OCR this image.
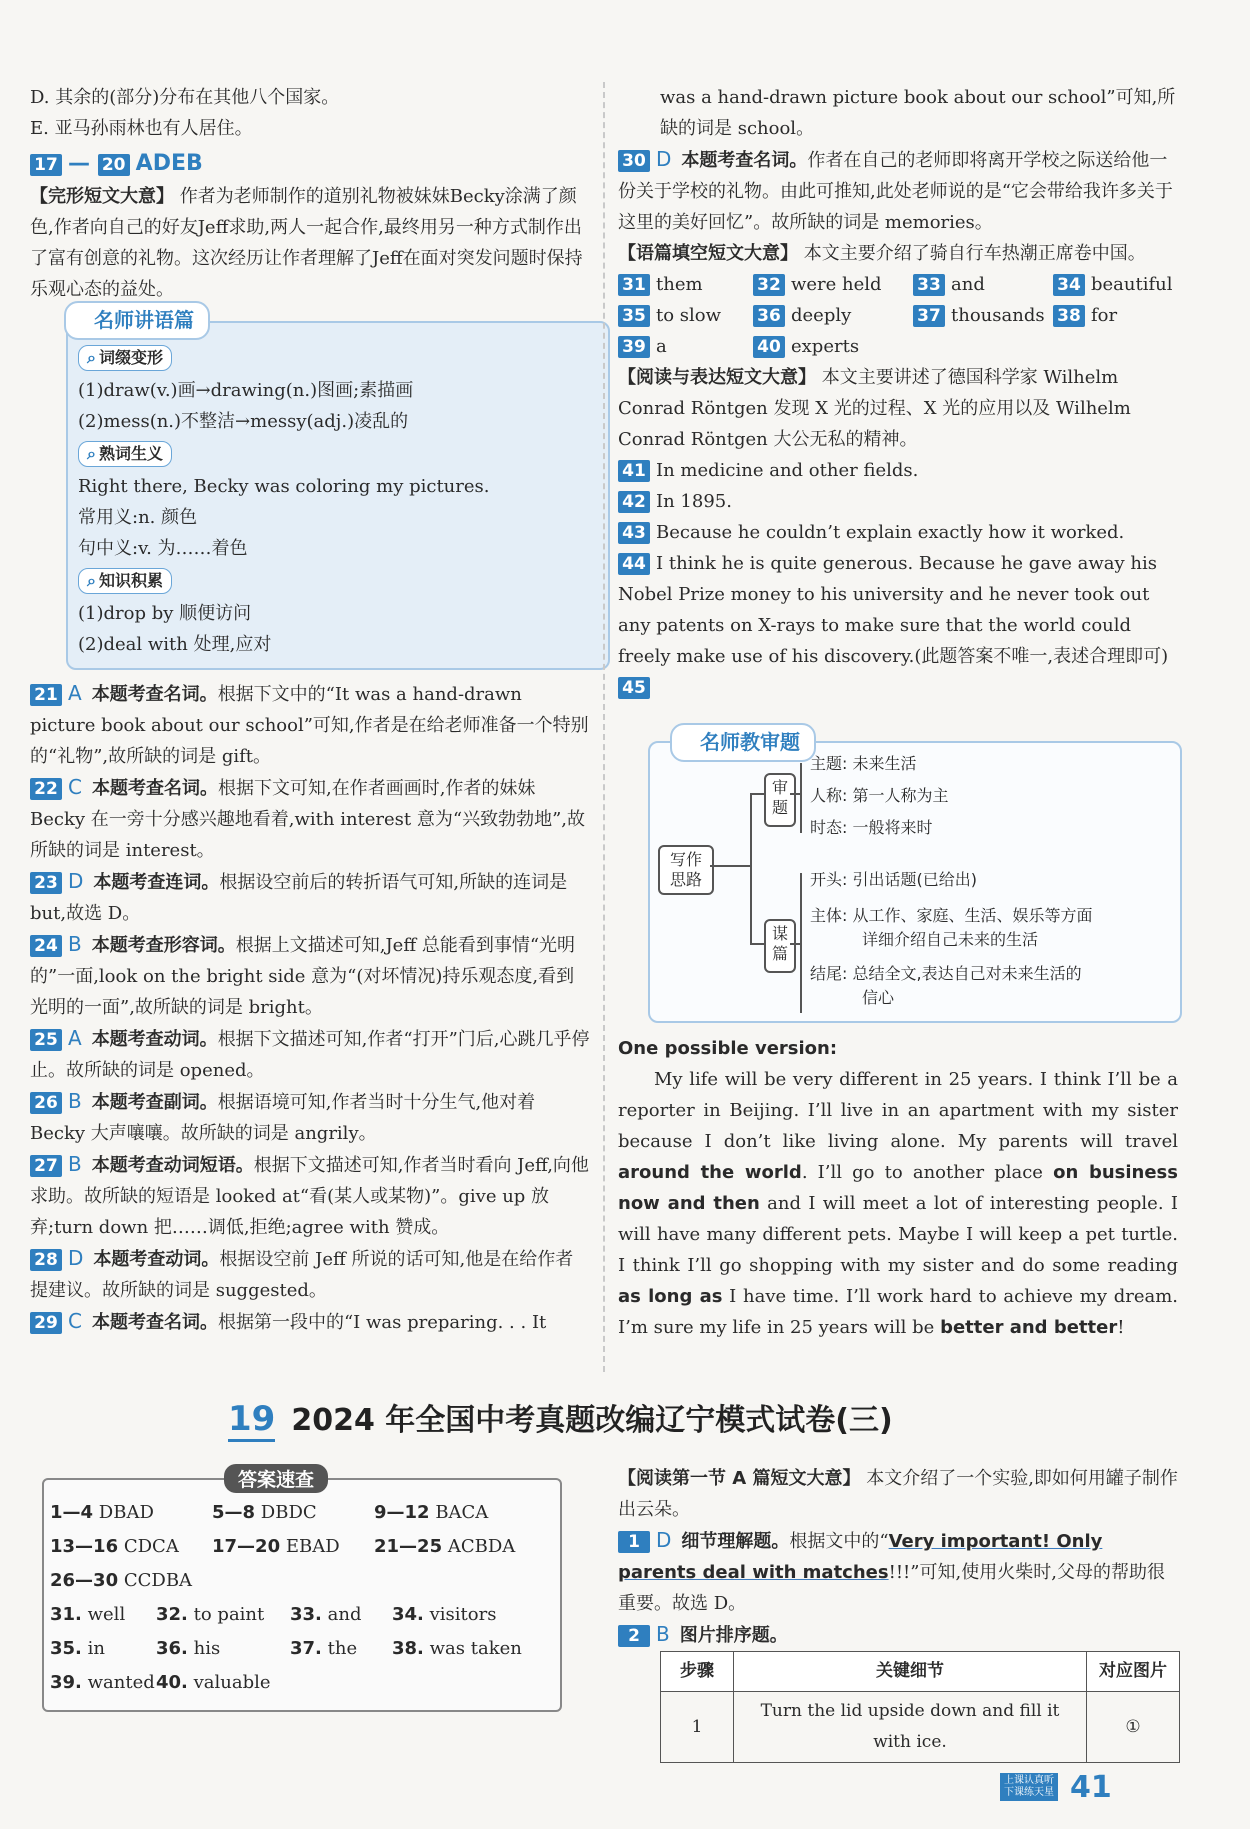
D. 其余的(部分)分布在其他八个国家。

E. 亚马孙雨林也有人居住。

17 — 20 ADEB

【完形短文大意】 作者为老师制作的道别礼物被妹妹Becky涂满了颜色,作者向自己的好友Jeff求助,两人一起合作,最终用另一种方式制作出了富有创意的礼物。这次经历让作者理解了Jeff在面对突发问题时保持乐观心态的益处。

名师讲语篇
⌕ 词缀变形

(1)draw(v.)画→drawing(n.)图画;素描画

(2)mess(n.)不整洁→messy(adj.)凌乱的

⌕ 熟词生义

Right there, Becky was coloring my pictures.

常用义:n. 颜色

句中义:v. 为……着色

⌕ 知识积累

(1)drop by 顺便访问

(2)deal with 处理,应对

21 A 本题考查名词。根据下文中的“It was a hand-drawn picture book about our school”可知,作者是在给老师准备一个特别的“礼物”,故所缺的词是 gift。

22 C 本题考查名词。根据下文可知,在作者画画时,作者的妹妹 Becky 在一旁十分感兴趣地看着,with interest 意为“兴致勃勃地”,故所缺的词是 interest。

23 D 本题考查连词。根据设空前后的转折语气可知,所缺的连词是 but,故选 D。

24 B 本题考查形容词。根据上文描述可知,Jeff 总能看到事情“光明的”一面,look on the bright side 意为“(对坏情况)持乐观态度,看到光明的一面”,故所缺的词是 bright。

25 A 本题考查动词。根据下文描述可知,作者“打开”门后,心跳几乎停止。故所缺的词是 opened。

26 B 本题考查副词。根据语境可知,作者当时十分生气,他对着 Becky 大声嚷嚷。故所缺的词是 angrily。

27 B 本题考查动词短语。根据下文描述可知,作者当时看向 Jeff,向他求助。故所缺的短语是 looked at“看(某人或某物)”。give up 放弃;turn down 把……调低,拒绝;agree with 赞成。

28 D 本题考查动词。根据设空前 Jeff 所说的话可知,他是在给作者提建议。故所缺的词是 suggested。

29 C 本题考查名词。根据第一段中的“I was preparing. . . It

was a hand-drawn picture book about our school”可知,所缺的词是 school。

30 D 本题考查名词。作者在自己的老师即将离开学校之际送给他一份关于学校的礼物。由此可推知,此处老师说的是“它会带给我许多关于这里的美好回忆”。故所缺的词是 memories。

【语篇填空短文大意】 本文主要介绍了骑自行车热潮正席卷中国。

31 them	32 were held	33 and	34 beautiful
35 to slow	36 deeply	37 thousands 38 for
39 a	40 experts

【阅读与表达短文大意】 本文主要讲述了德国科学家 Wilhelm Conrad Röntgen 发现 X 光的过程、X 光的应用以及 Wilhelm Conrad Röntgen 大公无私的精神。

41 In medicine and other fields.

42 In 1895.

43 Because he couldn’t explain exactly how it worked.

44 I think he is quite generous. Because he gave away his Nobel Prize money to his university and he never took out any patents on X-rays to make sure that the world could freely make use of his discovery.(此题答案不唯一,表述合理即可)

45

名师教审题
写作思路
审题
谋篇
主题: 未来生活
人称: 第一人称为主
时态: 一般将来时
开头: 引出话题(已给出)
主体: 从工作、家庭、生活、娱乐等方面
详细介绍自己未来的生活
结尾: 总结全文,表达自己对未来生活的
信心

One possible version:

My life will be very different in 25 years. I think I’ll be a reporter in Beijing. I’ll live in an apartment with my sister because I don’t like living alone. My parents will travel around the world. I’ll go to another place on business now and then and I will meet a lot of interesting people. I will have many different pets. Maybe I will keep a pet turtle. I think I’ll go shopping with my sister and do some reading as long as I have time. I’ll work hard to achieve my dream. I’m sure my life in 25 years will be better and better!

19 2024 年全国中考真题改编辽宁模式试卷(三)
答案速查
1—4 DBAD	5—8 DBDC	9—12 BACA
13—16 CDCA	17—20 EBAD	21—25 ACBDA
26—30 CCDBA
31. well	32. to paint	33. and	34. visitors
35. in	36. his	37. the	38. was taken
39. wanted 40. valuable

【阅读第一节 A 篇短文大意】 本文介绍了一个实验,即如何用罐子制作出云朵。

1 D 细节理解题。根据文中的“Very important! Only parents deal with matches!!!”可知,使用火柴时,父母的帮助很重要。故选 D。

2 B 图片排序题。

步骤	关键细节	对应图片
1	Turn the lid upside down and fill it with ice.	①
上课认真听
下课练天星 41
